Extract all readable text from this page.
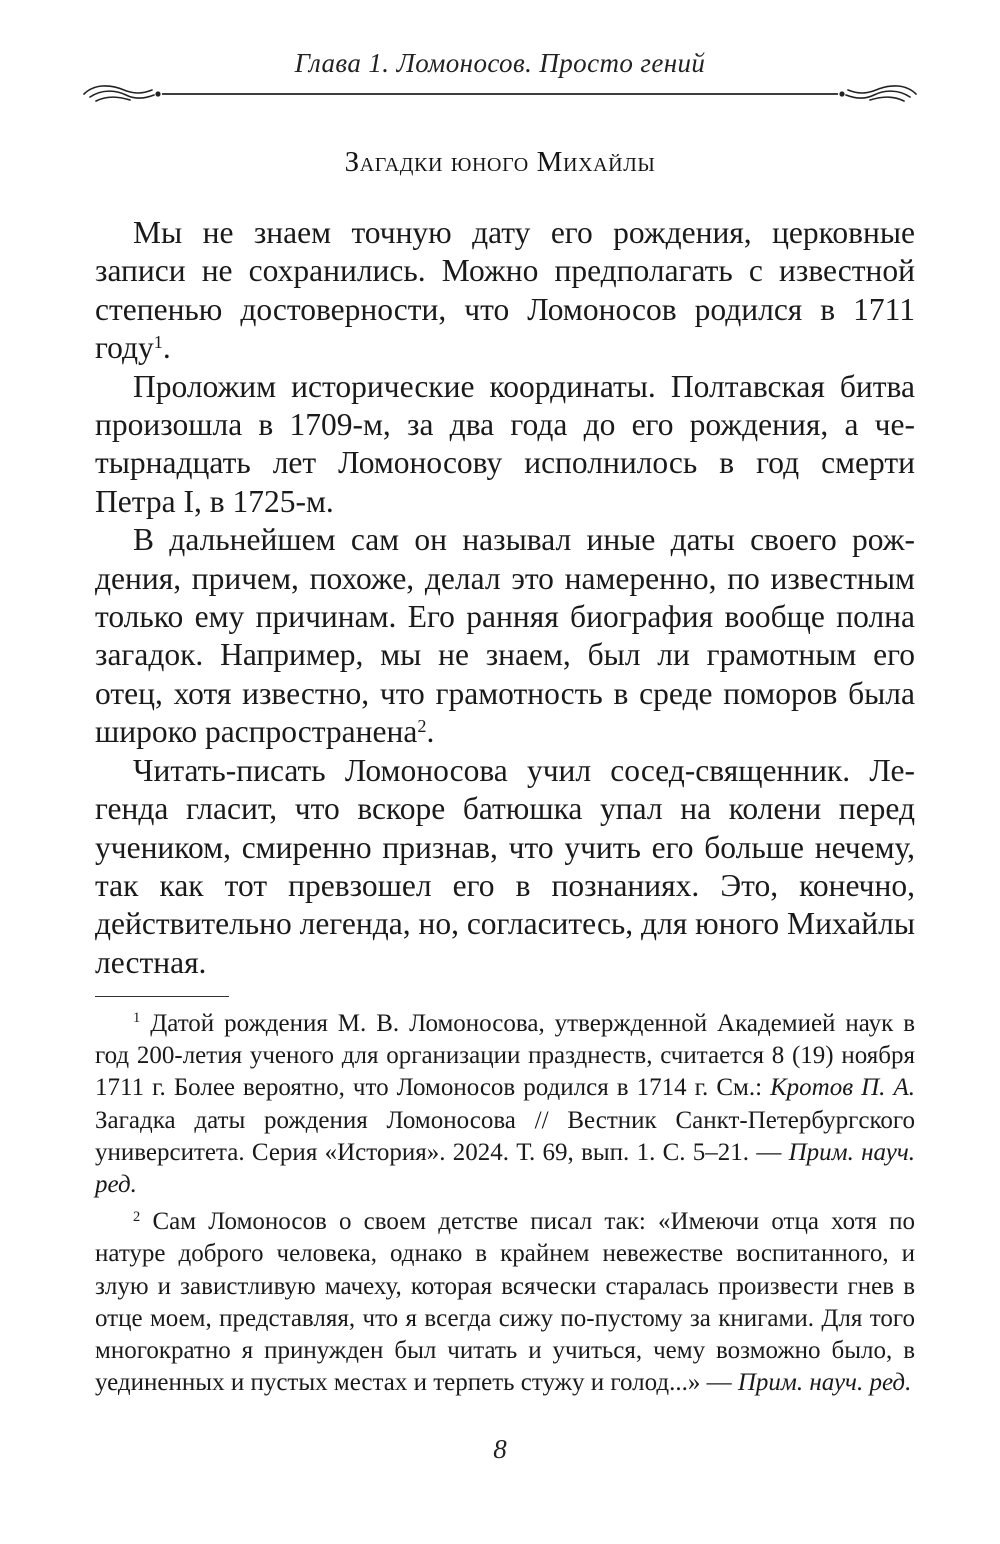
Глава 1. Ломоносов. Просто гений
Загадки юного Михайлы

Мы не знаем точную дату его рождения, церковные записи не сохранились. Можно предполагать с известной степенью достоверности, что Ломоносов родился в 1711 году$^1$.

Проложим исторические координаты. Полтавская битва произошла в 1709-м, за два года до его рождения, а четырнадцать лет Ломоносову исполнилось в год смерти Петра I, в 1725-м.

В дальнейшем сам он называл иные даты своего рождения, причем, похоже, делал это намеренно, по известным только ему причинам. Его ранняя биография вообще полна загадок. Например, мы не знаем, был ли грамотным его отец, хотя известно, что грамотность в среде поморов была широко распространена$^2$.

Читать-писать Ломоносова учил сосед-священник. Легенда гласит, что вскоре батюшка упал на колени перед учеником, смиренно признав, что учить его больше нечему, так как тот превзошел его в познаниях. Это, конечно, действительно легенда, но, согласитесь, для юного Михайлы лестная.

$^1$ Датой рождения М. В. Ломоносова, утвержденной Академией наук в год 200-летия ученого для организации празднеств, считается 8 (19) ноября 1711 г. Более вероятно, что Ломоносов родился в 1714 г. См.: Кротов П. А. Загадка даты рождения Ломоносова // Вестник Санкт-Петербургского университета. Серия «История». 2024. Т. 69, вып. 1. С. 5–21. — Прим. науч. ред.

$^2$ Сам Ломоносов о своем детстве писал так: «Имеючи отца хотя по натуре доброго человека, однако в крайнем невежестве воспитанного, и злую и завистливую мачеху, которая всячески старалась произвести гнев в отце моем, представляя, что я всегда сижу по-пустому за книгами. Для того многократно я принужден был читать и учиться, чему возможно было, в уединенных и пустых местах и терпеть стужу и голод...» — Прим. науч. ред.

8
